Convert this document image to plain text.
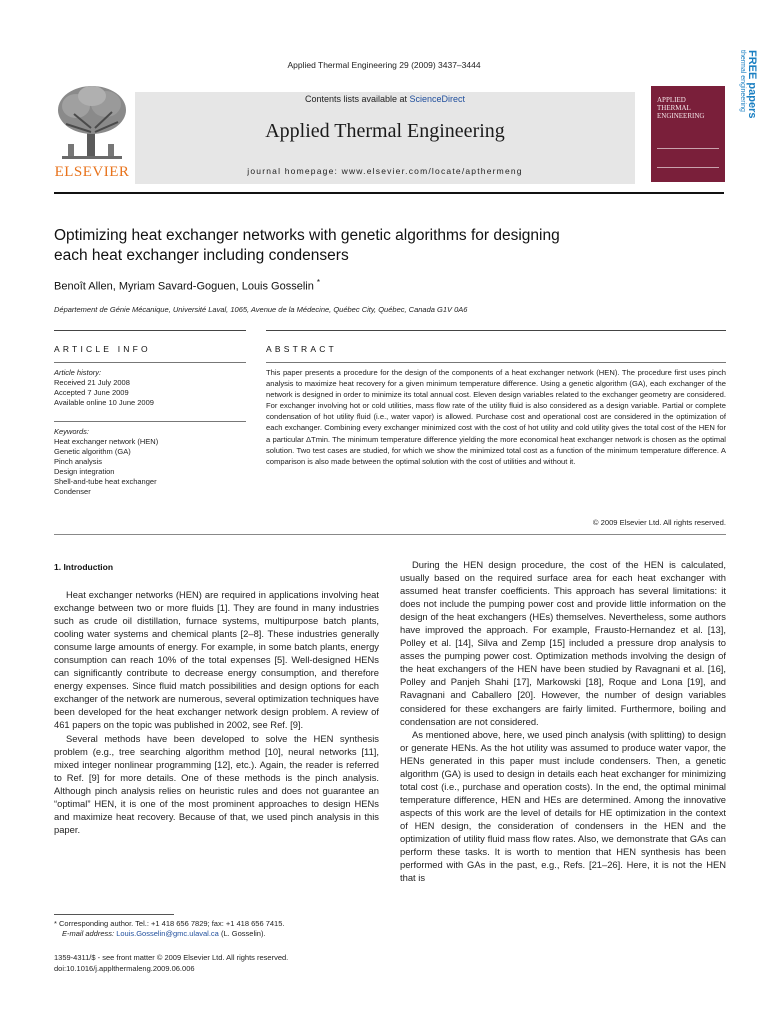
Applied Thermal Engineering 29 (2009) 3437–3444
ELSEVIER
Contents lists available at ScienceDirect
Applied Thermal Engineering
journal homepage: www.elsevier.com/locate/apthermeng
APPLIED
THERMAL
ENGINEERING	FREE papers
thermal engineering
Optimizing heat exchanger networks with genetic algorithms for designing
each heat exchanger including condensers
Benoît Allen, Myriam Savard-Goguen, Louis Gosselin *
Département de Génie Mécanique, Université Laval, 1065, Avenue de la Médecine, Québec City, Québec, Canada G1V 0A6
ARTICLE INFO	ABSTRACT
Article history:
Received 21 July 2008
Accepted 7 June 2009
Available online 10 June 2009
Keywords:
Heat exchanger network (HEN)
Genetic algorithm (GA)
Pinch analysis
Design integration
Shell-and-tube heat exchanger
Condenser
This paper presents a procedure for the design of the components of a heat exchanger network (HEN). The procedure first uses pinch analysis to maximize heat recovery for a given minimum temperature difference. Using a genetic algorithm (GA), each exchanger of the network is designed in order to minimize its total annual cost. Eleven design variables related to the exchanger geometry are considered. For exchanger involving hot or cold utilities, mass flow rate of the utility fluid is also considered as a design variable. Partial or complete condensation of hot utility fluid (i.e., water vapor) is allowed. Purchase cost and operational cost are considered in the optimization of each exchanger. Combining every exchanger minimized cost with the cost of hot utility and cold utility gives the total cost of the HEN for a particular ΔTmin. The minimum temperature difference yielding the more economical heat exchanger network is chosen as the optimal solution. Two test cases are studied, for which we show the minimized total cost as a function of the minimum temperature difference. A comparison is also made between the optimal solution with the cost of utilities and without it.
© 2009 Elsevier Ltd. All rights reserved.
1. Introduction

Heat exchanger networks (HEN) are required in applications involving heat exchange between two or more fluids [1]. They are found in many industries such as crude oil distillation, furnace systems, multipurpose batch plants, cooling water systems and chemical plants [2–8]. These industries generally consume large amounts of energy. For example, in some batch plants, energy consumption can reach 10% of the total expenses [5]. Well-designed HENs can significantly contribute to decrease energy consumption, and therefore energy expenses. Since fluid match possibilities and design options for each exchanger of the network are numerous, several optimization techniques have been developed for the heat exchanger network design problem. A review of 461 papers on the topic was published in 2002, see Ref. [9].

Several methods have been developed to solve the HEN synthesis problem (e.g., tree searching algorithm method [10], neural networks [11], mixed integer nonlinear programming [12], etc.). Again, the reader is referred to Ref. [9] for more details. One of these methods is the pinch analysis. Although pinch analysis relies on heuristic rules and does not guarantee an “optimal” HEN, it is one of the most prominent approaches to design HENs and maximize heat recovery. Because of that, we used pinch analysis in this paper.

During the HEN design procedure, the cost of the HEN is calculated, usually based on the required surface area for each heat exchanger with assumed heat transfer coefficients. This approach has several limitations: it does not include the pumping power cost and provide little information on the design of the heat exchangers (HEs) themselves. Nevertheless, some authors have improved the approach. For example, Frausto-Hernandez et al. [13], Polley et al. [14], Silva and Zemp [15] included a pressure drop analysis to asses the pumping power cost. Optimization methods involving the design of the heat exchangers of the HEN have been studied by Ravagnani et al. [16], Polley and Panjeh Shahi [17], Markowski [18], Roque and Lona [19], and Ravagnani and Caballero [20]. However, the number of design variables considered for these exchangers are fairly limited. Furthermore, boiling and condensation are not considered.

As mentioned above, here, we used pinch analysis (with splitting) to design or generate HENs. As the hot utility was assumed to produce water vapor, the HENs generated in this paper must include condensers. Then, a genetic algorithm (GA) is used to design in details each heat exchanger for minimizing total cost (i.e., purchase and operation costs). In the end, the optimal minimal temperature difference, HEN and HEs are determined. Among the innovative aspects of this work are the level of details for HE optimization in the context of HEN design, the consideration of condensers in the HEN and the optimization of utility fluid mass flow rates. Also, we demonstrate that GAs can perform these tasks. It is worth to mention that HEN synthesis has been performed with GAs in the past, e.g., Refs. [21–26]. Here, it is not the HEN that is

* Corresponding author. Tel.: +1 418 656 7829; fax: +1 418 656 7415.
E-mail address: Louis.Gosselin@gmc.ulaval.ca (L. Gosselin).
1359-4311/$ - see front matter © 2009 Elsevier Ltd. All rights reserved.
doi:10.1016/j.applthermaleng.2009.06.006
